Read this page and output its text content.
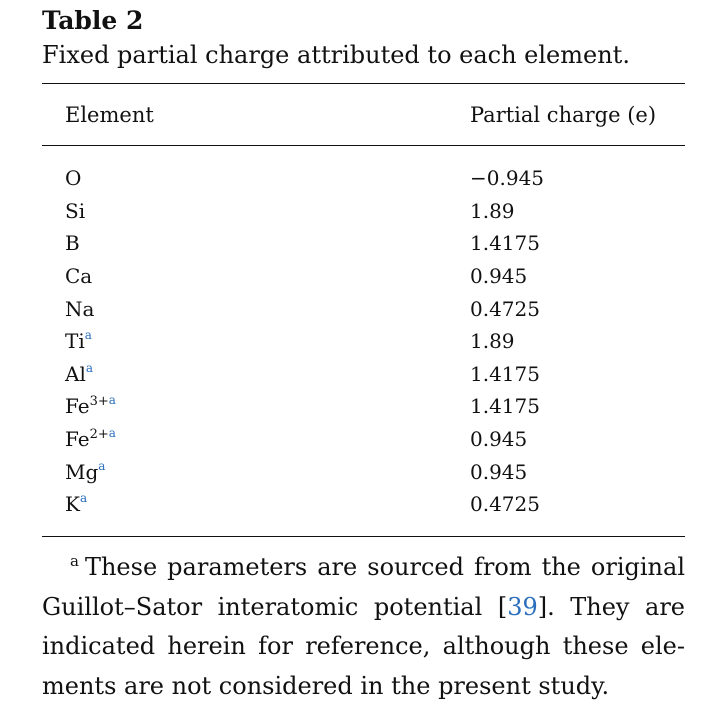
Table 2

Fixed partial charge attributed to each element.

Element	Partial charge (e)
O	−0.945
Si	1.89
B	1.4175
Ca	0.945
Na	0.4725
Ti$^a$	1.89
Al$^a$	1.4175
Fe$^{3+a}$	1.4175
Fe$^{2+a}$	0.945
Mg$^a$	0.945
K$^a$	0.4725
$^a$ These parameters are sourced from the original Guillot–Sator interatomic potential [39]. They are indicated herein for reference, although these elements are not considered in the present study.
